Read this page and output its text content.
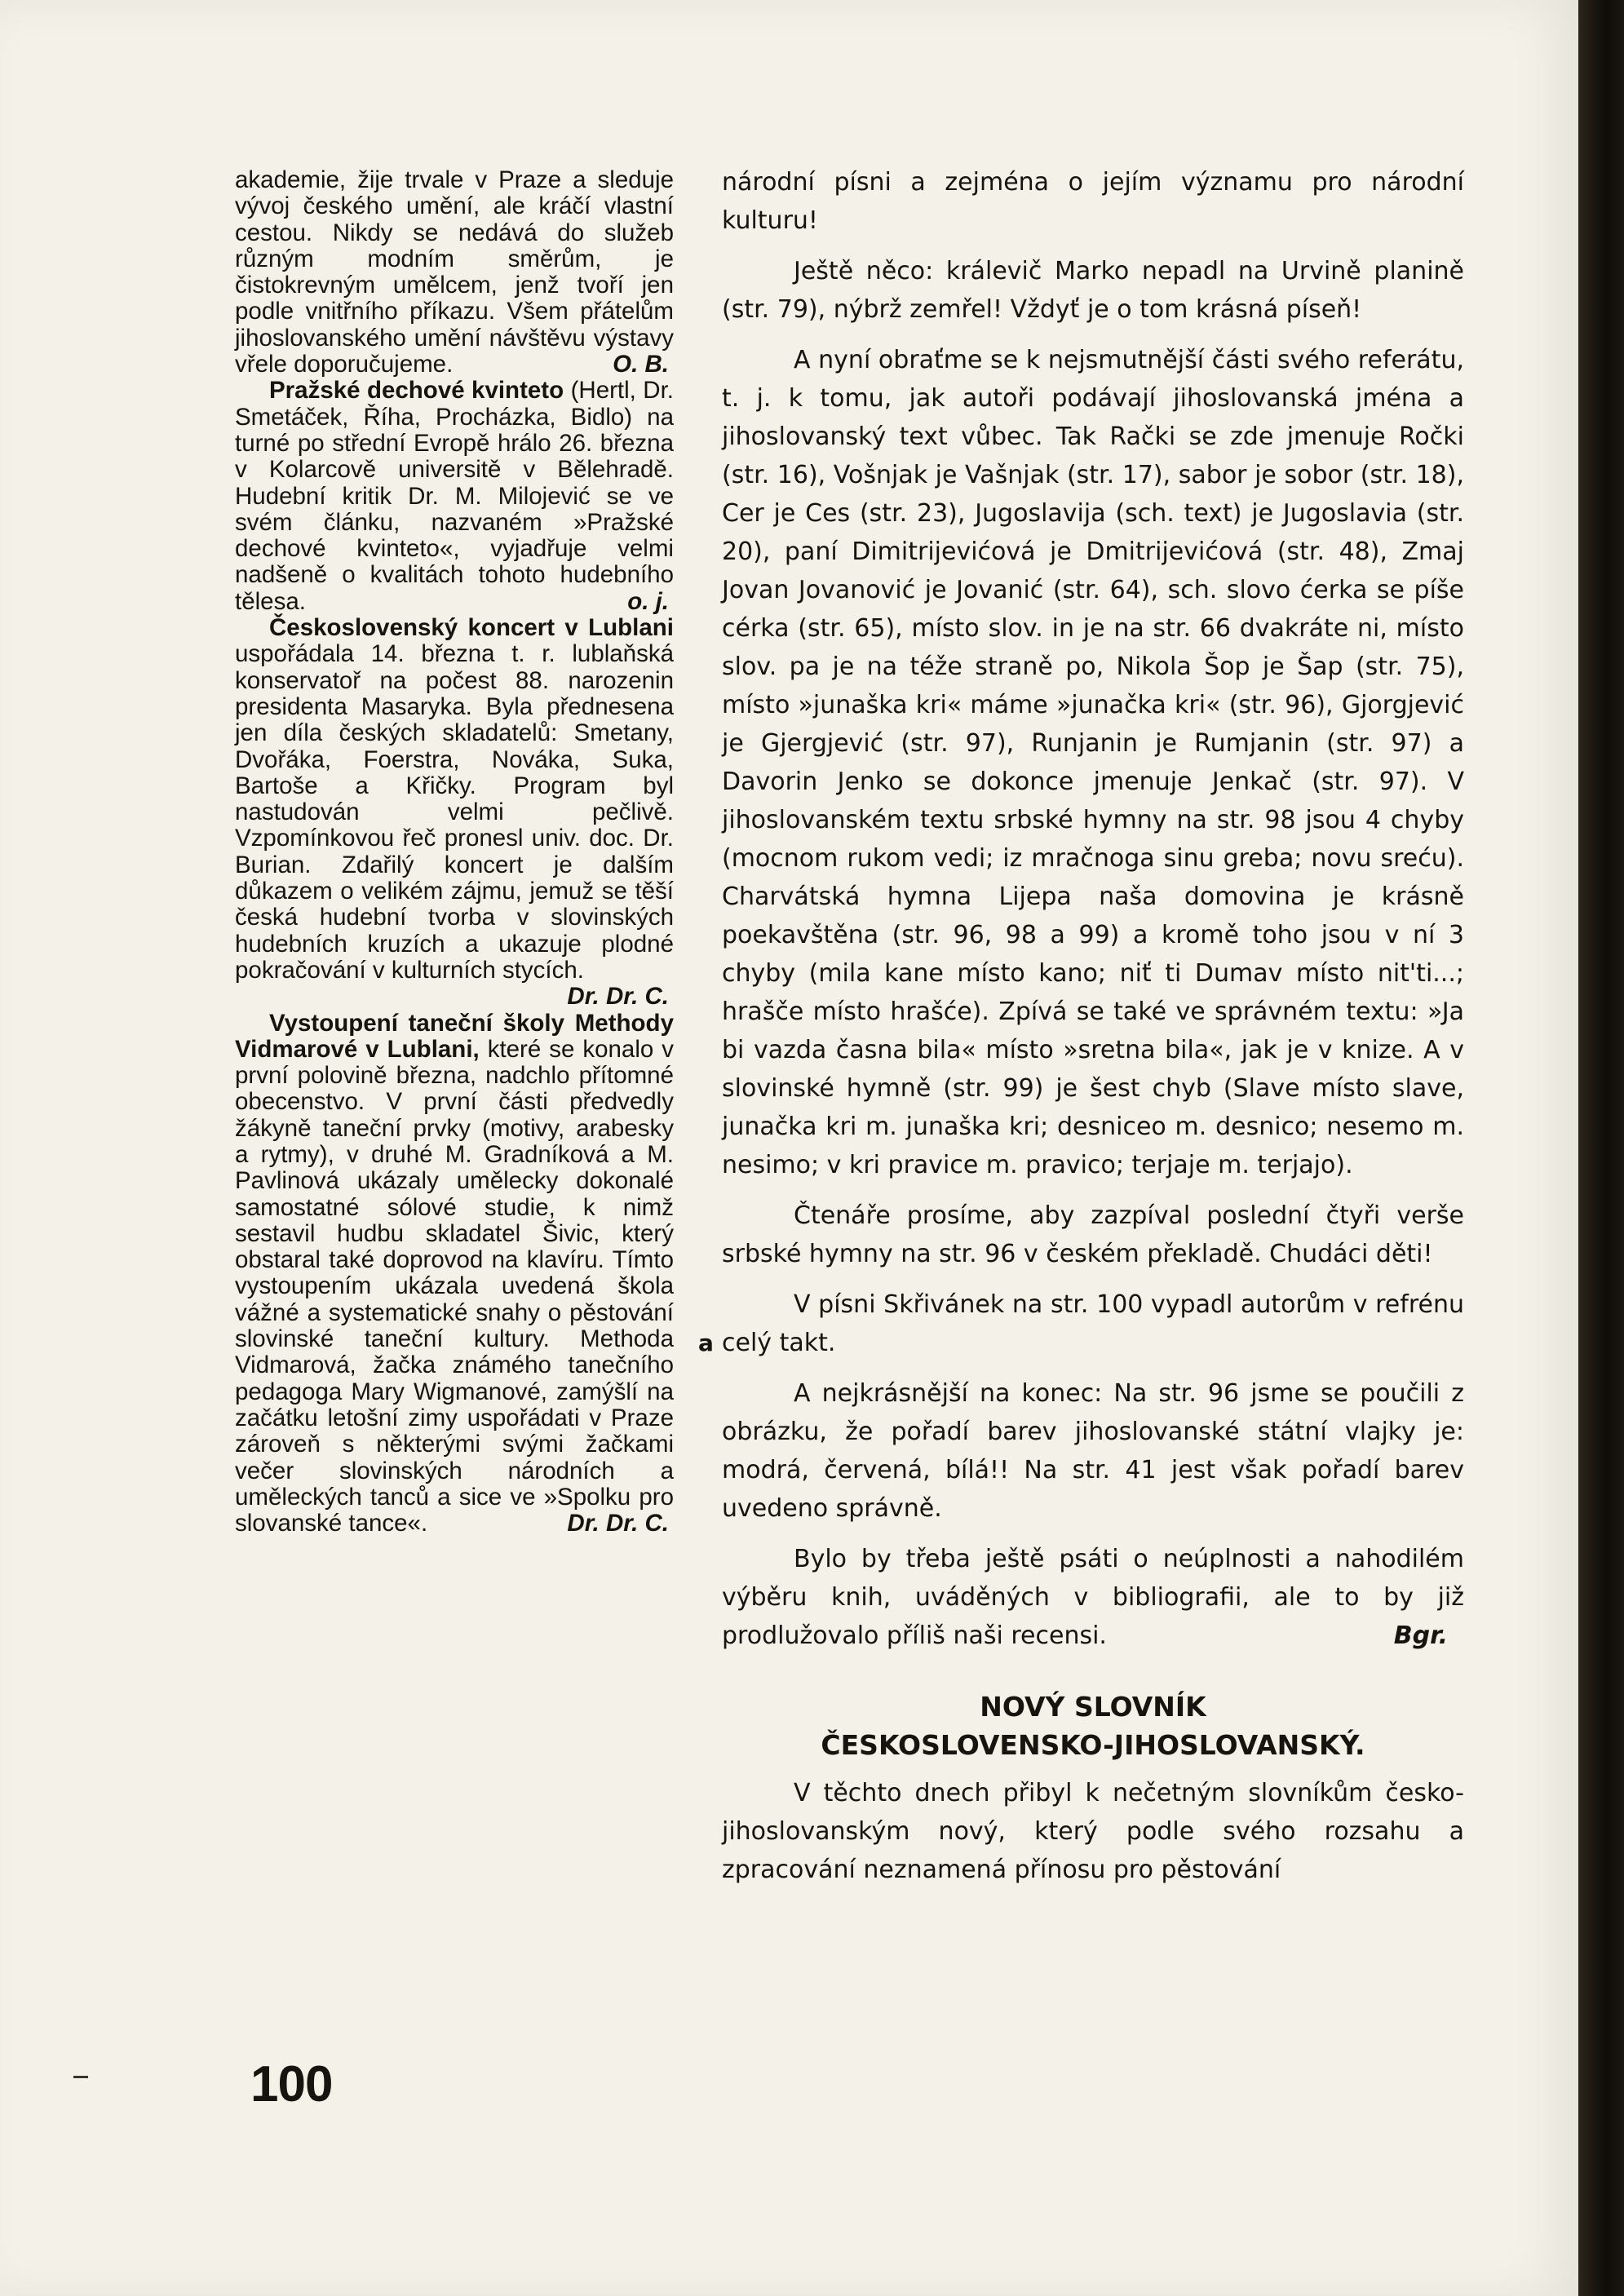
akademie, žije trvale v Praze a sleduje vývoj českého umění, ale kráčí vlastní cestou. Nikdy se nedává do služeb různým modním směrům, je čistokrevným umělcem, jenž tvoří jen podle vnitřního příkazu. Všem přátelům jihoslovanského umění návštěvu výstavy vřele doporučujeme.	O. B.

Pražské dechové kvinteto (Hertl, Dr. Smetáček, Říha, Procházka, Bidlo) na turné po střední Evropě hrálo 26. března v Kolarcově universitě v Bělehradě. Hudební kritik Dr. M. Milojević se ve svém článku, nazvaném »Pražské dechové kvinteto«, vyjadřuje velmi nadšeně o kvalitách tohoto hudebního tělesa.	o. j.

Československý koncert v Lublani uspořádala 14. března t. r. lublaňská konservatoř na počest 88. narozenin presidenta Masaryka. Byla přednesena jen díla českých skladatelů: Smetany, Dvořáka, Foerstra, Nováka, Suka, Bartoše a Křičky. Program byl nastudován velmi pečlivě. Vzpomínkovou řeč pronesl univ. doc. Dr. Burian. Zdařilý koncert je dalším důkazem o velikém zájmu, jemuž se těší česká hudební tvorba v slovinských hudebních kruzích a ukazuje plodné pokračování v kulturních stycích.
Dr. Dr. C.

Vystoupení taneční školy Methody Vidmarové v Lublani, které se konalo v první polovině března, nadchlo přítomné obecenstvo. V první části předvedly žákyně taneční prvky (motivy, arabesky a rytmy), v druhé M. Gradníková a M. Pavlinová ukázaly umělecky dokonalé samostatné sólové studie, k nimž sestavil hudbu skladatel Šivic, který obstaral také doprovod na klavíru. Tímto vystoupením ukázala uvedená škola vážné a systematické snahy o pěstování slovinské taneční kultury. Methoda Vidmarová, žačka známého tanečního pedagoga Mary Wigmanové, zamýšlí na začátku letošní zimy uspořádati v Praze zároveň s některými svými žačkami večer slovinských národních a uměleckých tanců a sice ve »Spolku pro slovanské tance«.	Dr. Dr. C.

100
a

národní písni a zejména o jejím významu pro národní kulturu!

Ještě něco: králevič Marko nepadl na Urvině planině (str. 79), nýbrž zemřel! Vždyť je o tom krásná píseň!

A nyní obraťme se k nejsmutnější části svého referátu, t. j. k tomu, jak autoři podávají jihoslovanská jména a jihoslovanský text vůbec. Tak Rački se zde jmenuje Ročki (str. 16), Vošnjak je Vašnjak (str. 17), sabor je sobor (str. 18), Cer je Ces (str. 23), Jugoslavija (sch. text) je Jugoslavia (str. 20), paní Dimitrijevićová je Dmitrijevićová (str. 48), Zmaj Jovan Jovanović je Jovanić (str. 64), sch. slovo ćerka se píše cérka (str. 65), místo slov. in je na str. 66 dvakráte ni, místo slov. pa je na téže straně po, Nikola Šop je Šap (str. 75), místo »junaška kri« máme »junačka kri« (str. 96), Gjorgjević je Gjergjević (str. 97), Runjanin je Rumjanin (str. 97) a Davorin Jenko se dokonce jmenuje Jenkač (str. 97). V jihoslovanském textu srbské hymny na str. 98 jsou 4 chyby (mocnom rukom vedi; iz mračnoga sinu greba; novu sreću). Charvátská hymna Lijepa naša domovina je krásně poekavštěna (str. 96, 98 a 99) a kromě toho jsou v ní 3 chyby (mila kane místo kano; niť ti Dumav místo nit'ti...; hrašče místo hrašće). Zpívá se také ve správném textu: »Ja bi vazda časna bila« místo »sretna bila«, jak je v knize. A v slovinské hymně (str. 99) je šest chyb (Slave místo slave, junačka kri m. junaška kri; desniceo m. desnico; nesemo m. nesimo; v kri pravice m. pravico; terjaje m. terjajo).

Čtenáře prosíme, aby zazpíval poslední čtyři verše srbské hymny na str. 96 v českém překladě. Chudáci děti!

V písni Skřivánek na str. 100 vypadl autorům v refrénu celý takt.

A nejkrásnější na konec: Na str. 96 jsme se poučili z obrázku, že pořadí barev jihoslovanské státní vlajky je: modrá, červená, bílá!! Na str. 41 jest však pořadí barev uvedeno správně.

Bylo by třeba ještě psáti o neúplnosti a nahodilém výběru knih, uváděných v bibliografii, ale to by již prodlužovalo příliš naši recensi.	Bgr.

NOVÝ SLOVNÍK
ČESKOSLOVENSKO-JIHOSLOVANSKÝ.

V těchto dnech přibyl k nečetným slovníkům česko-jihoslovanským nový, který podle svého rozsahu a zpracování neznamená přínosu pro pěstování
